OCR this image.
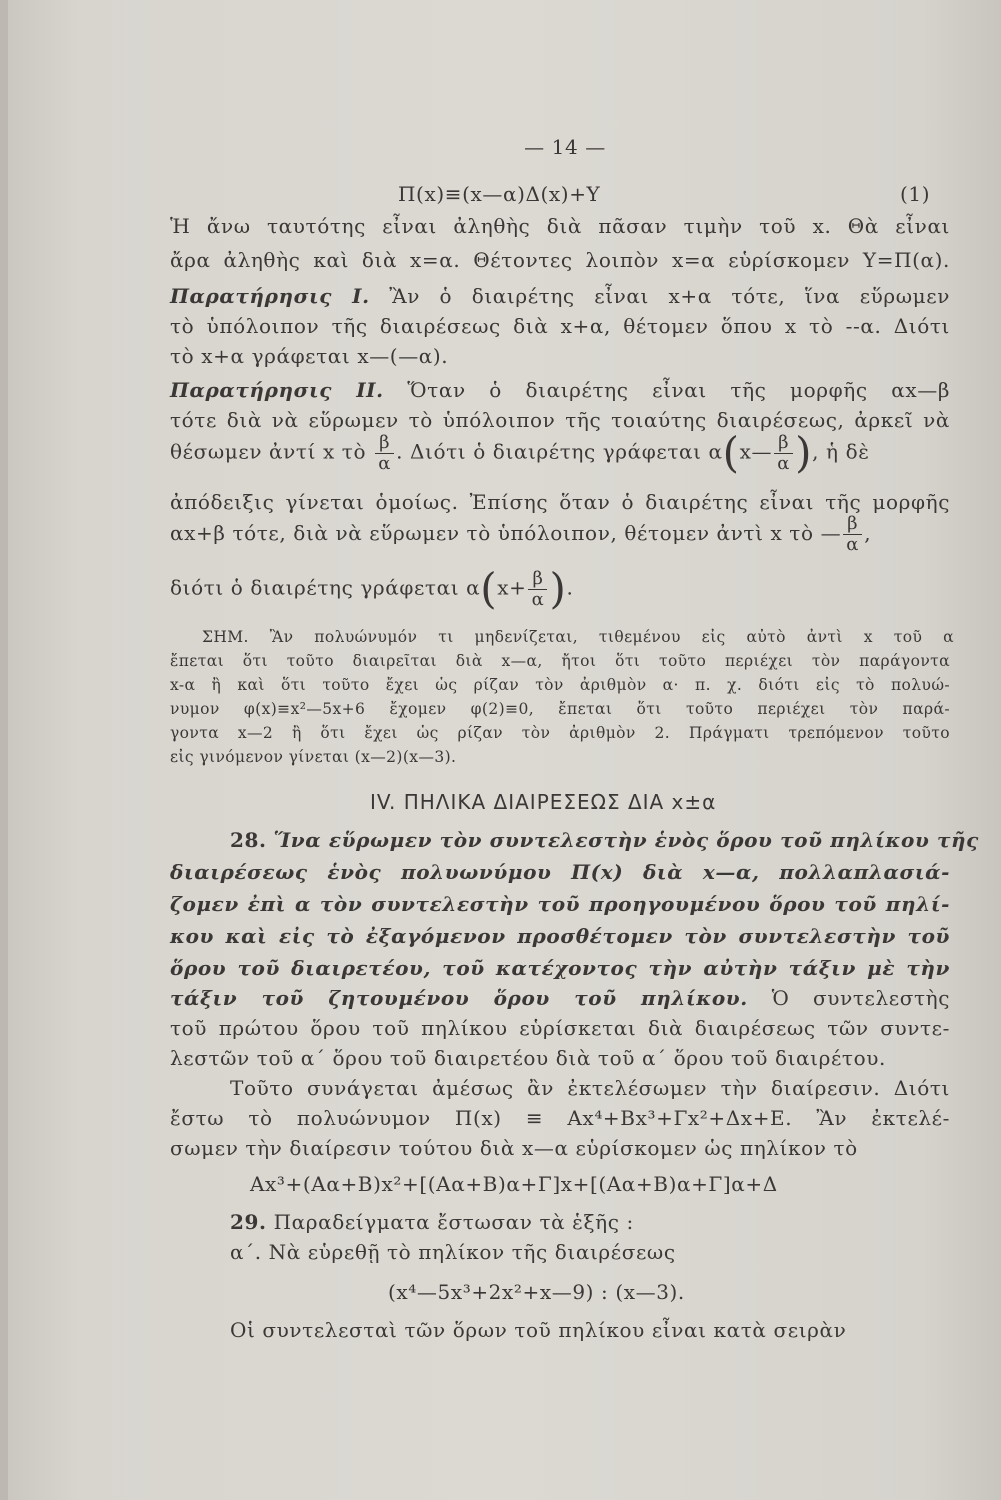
— 14 —
Π(x)≡(x—α)Δ(x)+Y	(1)
Ἡ ἄνω ταυτότης εἶναι ἀληθὴς διὰ πᾶσαν τιμὴν τοῦ x. Θὰ εἶναι
ἄρα ἀληθὴς καὶ διὰ x=α. Θέτοντες λοιπὸν x=α εὑρίσκομεν Y=Π(α).
Παρατήρησις I. Ἂν ὁ διαιρέτης εἶναι x+α τότε, ἵνα εὕρωμεν
τὸ ὑπόλοιπον τῆς διαιρέσεως διὰ x+α, θέτομεν ὅπου x τὸ --α. Διότι
τὸ x+α γράφεται x—(—α).
Παρατήρησις II. Ὅταν ὁ διαιρέτης εἶναι τῆς μορφῆς αx—β
τότε διὰ νὰ εὕρωμεν τὸ ὑπόλοιπον τῆς τοιαύτης διαιρέσεως, ἀρκεῖ νὰ
θέσωμεν ἀντί x τὸ $\frac{\beta}{\alpha}$ . Διότι ὁ διαιρέτης γράφεται α(x— $\frac{\beta}{\alpha}$ ), ἡ δὲ
ἀπόδειξις γίνεται ὁμοίως. Ἐπίσης ὅταν ὁ διαιρέτης εἶναι τῆς μορφῆς
αx+β τότε, διὰ νὰ εὕρωμεν τὸ ὑπόλοιπον, θέτομεν ἀντὶ x τὸ — $\frac{\beta}{\alpha}$ ,
διότι ὁ διαιρέτης γράφεται $\alpha(x+ \frac{\beta}{\alpha}$ ).
ΣΗΜ. Ἂν πολυώνυμόν τι μηδενίζεται, τιθεμένου εἰς αὐτὸ ἀντὶ x τοῦ α
ἔπεται ὅτι τοῦτο διαιρεῖται διὰ x—α, ἤτοι ὅτι τοῦτο περιέχει τὸν παράγοντα
x-α ἢ καὶ ὅτι τοῦτο ἔχει ὡς ρίζαν τὸν ἀριθμὸν α· π. χ. διότι εἰς τὸ πολυώ-
νυμον φ(x)≡x²—5x+6 ἔχομεν φ(2)≡0, ἔπεται ὅτι τοῦτο περιέχει τὸν παρά-
γοντα x—2 ἢ ὅτι ἔχει ὡς ρίζαν τὸν ἀριθμὸν 2. Πράγματι τρεπόμενον τοῦτο
εἰς γινόμενον γίνεται (x—2)(x—3).
IV. ΠΗΛΙΚΑ ΔΙΑΙΡΕΣΕΩΣ ΔΙΑ x±α
28. Ἵνα εὕρωμεν τὸν συντελεστὴν ἑνὸς ὅρου τοῦ πηλίκου τῆς
διαιρέσεως ἑνὸς πολυωνύμου Π(x) διὰ x—α, πολλαπλασιά-
ζομεν ἐπὶ α τὸν συντελεστὴν τοῦ προηγουμένου ὅρου τοῦ πηλί-
κου καὶ εἰς τὸ ἐξαγόμενον προσθέτομεν τὸν συντελεστὴν τοῦ
ὅρου τοῦ διαιρετέου, τοῦ κατέχοντος τὴν αὐτὴν τάξιν μὲ τὴν
τάξιν τοῦ ζητουμένου ὅρου τοῦ πηλίκου. Ὁ συντελεστὴς
τοῦ πρώτου ὅρου τοῦ πηλίκου εὑρίσκεται διὰ διαιρέσεως τῶν συντε-
λεστῶν τοῦ α´ ὅρου τοῦ διαιρετέου διὰ τοῦ α´ ὅρου τοῦ διαιρέτου.
Τοῦτο συνάγεται ἀμέσως ἂν ἐκτελέσωμεν τὴν διαίρεσιν. Διότι
ἔστω τὸ πολυώνυμον Π(x) ≡ Ax⁴+Bx³+Γx²+Δx+E. Ἂν ἐκτελέ-
σωμεν τὴν διαίρεσιν τούτου διὰ x—α εὑρίσκομεν ὡς πηλίκον τὸ
Ax³+(Aα+B)x²+[(Aα+B)α+Γ]x+[(Aα+B)α+Γ]α+Δ
29. Παραδείγματα ἔστωσαν τὰ ἑξῆς :
α´. Νὰ εὑρεθῇ τὸ πηλίκον τῆς διαιρέσεως
(x⁴—5x³+2x²+x—9) : (x—3).
Οἱ συντελεσταὶ τῶν ὅρων τοῦ πηλίκου εἶναι κατὰ σειρὰν
